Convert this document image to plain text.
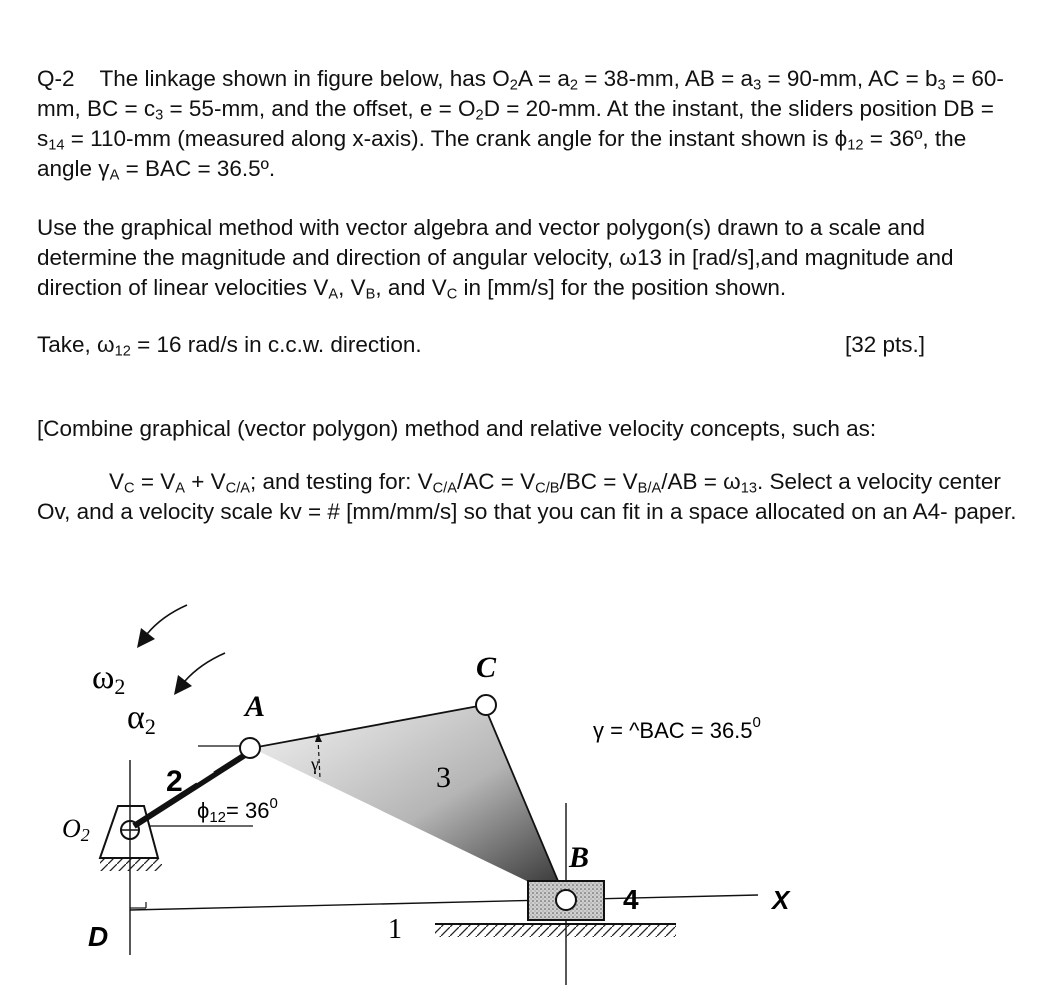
Q-2 The linkage shown in figure below, has $O_2A = a_2 = 38-mm$, AB = $a_3 = 90-mm$, AC = $b_3 = 60-mm$, BC = $c_3 = 55-mm$, and the offset, $e = O_2D = 20-mm$. At the instant, the sliders position DB = $s_{14} = 110-mm$ (measured along x-axis). The crank angle for the instant shown is $\phi_{12}$ = 36º, the angle $\gamma_A$ = BAC = 36.5º.

Use the graphical method with vector algebra and vector polygon(s) drawn to a scale and determine the magnitude and direction of angular velocity, ω13 in [rad/s],and magnitude and direction of linear velocities $V_A$, $V_B$, and $V_C$ in [mm/s] for the position shown.

Take, $\omega_{12} = 16$ rad/s in c.c.w. direction.	[32 pts.]

[Combine graphical (vector polygon) method and relative velocity concepts, such as:

$V_C = V_A + V_{C/A}$; and testing for: $V_{C/A}/AC = V_{C/B}/BC = V_{B/A}/AB = \omega_{13}$. Select a velocity center Ov, and a velocity scale kv = # [mm/mm/s] so that you can fit in a space allocated on an A4- paper.

ω2
α2
A
C
B
D
O2
2	3
4
1
γ
$\phi 12= 36^0$
γ = ^BAC = $36.5^0$
X
